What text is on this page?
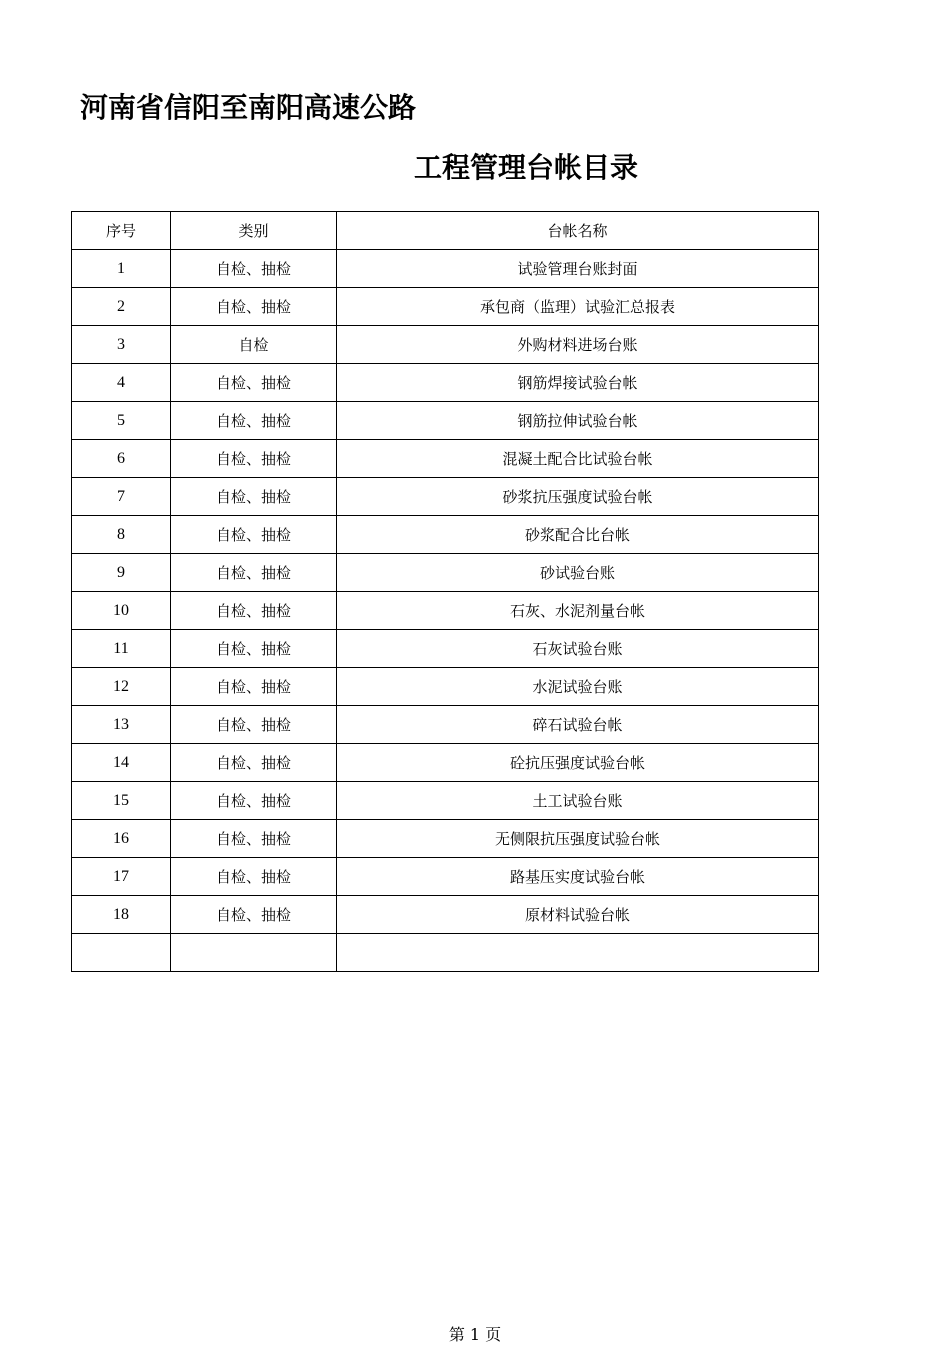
河南省信阳至南阳高速公路
工程管理台帐目录
序号	类别	台帐名称
1	自检、抽检	试验管理台账封面
2	自检、抽检	承包商（监理）试验汇总报表
3	自检	外购材料进场台账
4	自检、抽检	钢筋焊接试验台帐
5	自检、抽检	钢筋拉伸试验台帐
6	自检、抽检	混凝土配合比试验台帐
7	自检、抽检	砂浆抗压强度试验台帐
8	自检、抽检	砂浆配合比台帐
9	自检、抽检	砂试验台账
10	自检、抽检	石灰、水泥剂量台帐
11	自检、抽检	石灰试验台账
12	自检、抽检	水泥试验台账
13	自检、抽检	碎石试验台帐
14	自检、抽检	砼抗压强度试验台帐
15	自检、抽检	土工试验台账
16	自检、抽检	无侧限抗压强度试验台帐
17	自检、抽检	路基压实度试验台帐
18	自检、抽检	原材料试验台帐

第 1 页
